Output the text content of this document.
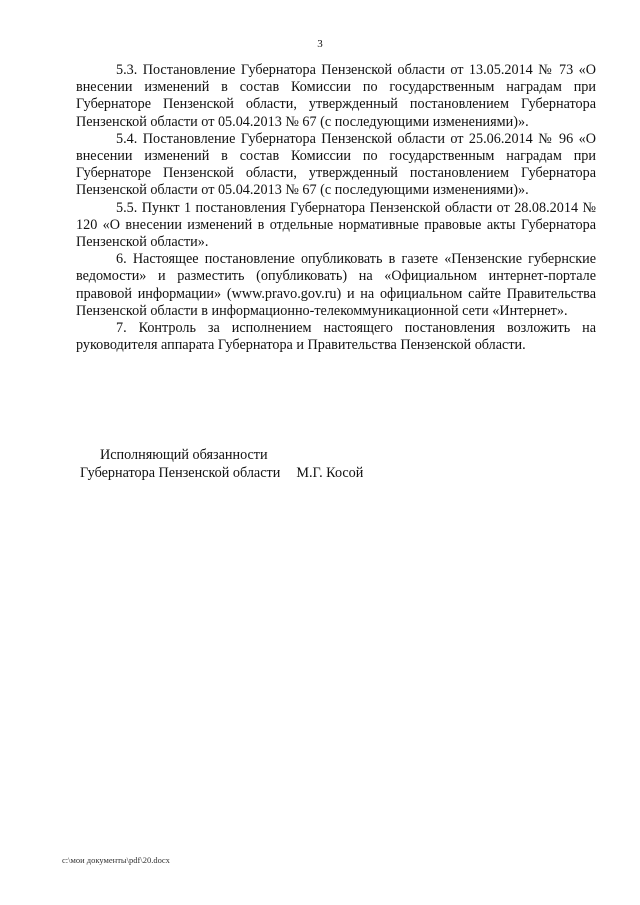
3

5.3. Постановление Губернатора Пензенской области от 13.05.2014 № 73 «О внесении изменений в состав Комиссии по государственным наградам при Губернаторе Пензенской области, утвержденный постановлением Губернатора Пензенской области от 05.04.2013 № 67 (с последующими изменениями)».

5.4. Постановление Губернатора Пензенской области от 25.06.2014 № 96 «О внесении изменений в состав Комиссии по государственным наградам при Губернаторе Пензенской области, утвержденный постановлением Губернатора Пензенской области от 05.04.2013 № 67 (с последующими изменениями)».

5.5. Пункт 1 постановления Губернатора Пензенской области от 28.08.2014 № 120 «О внесении изменений в отдельные нормативные правовые акты Губернатора Пензенской области».

6. Настоящее постановление опубликовать в газете «Пензенские губернские ведомости» и разместить (опубликовать) на «Официальном интернет-портале правовой информации» (www.pravo.gov.ru) и на официальном сайте Правительства Пензенской области в информационно-телекоммуникационной сети «Интернет».

7. Контроль за исполнением настоящего постановления возложить на руководителя аппарата Губернатора и Правительства Пензенской области.

Исполняющий обязанности
Губернатора Пензенской области М.Г. Косой
c:\мои документы\pdf\20.docx
